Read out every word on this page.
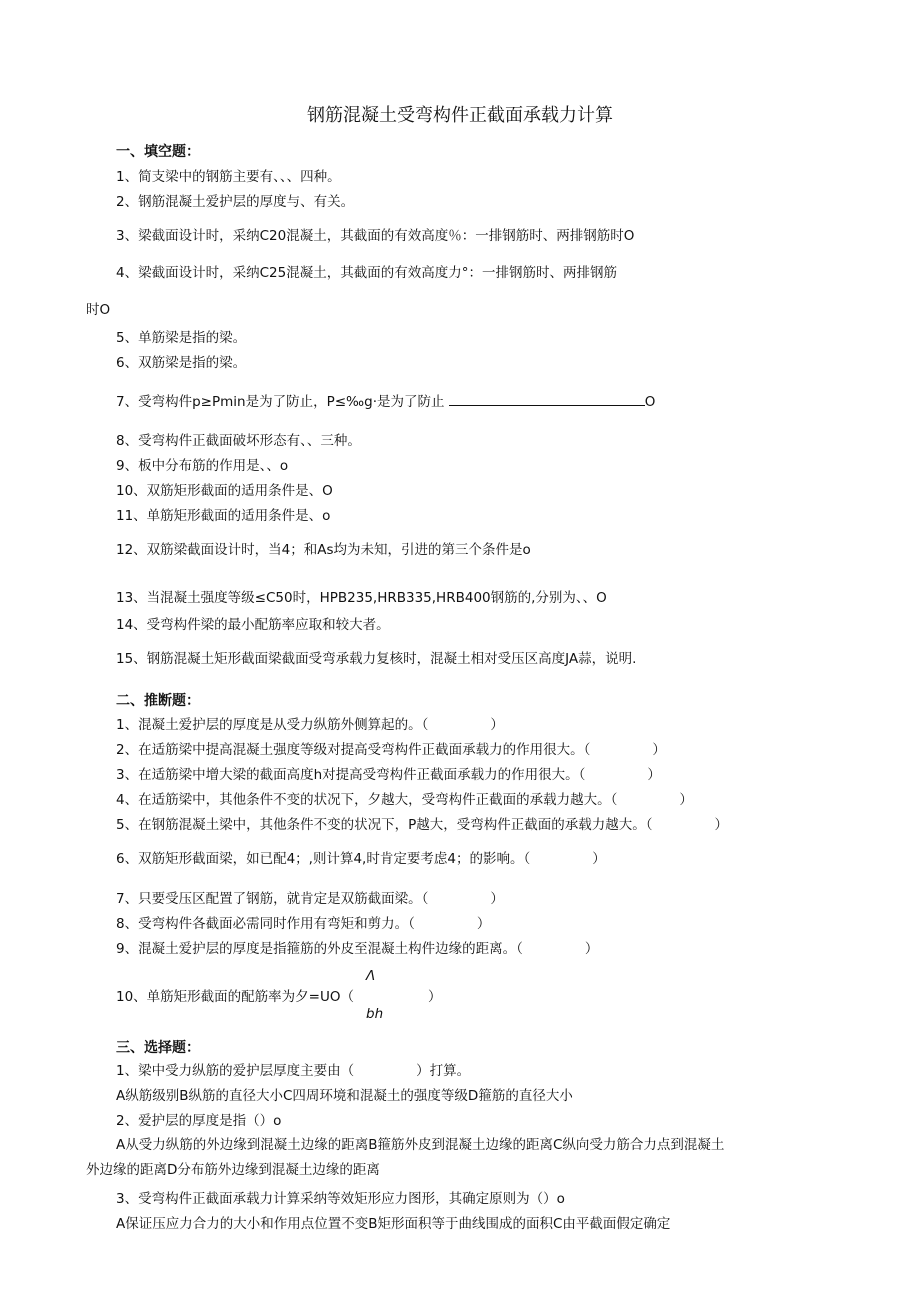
钢筋混凝土受弯构件正截面承载力计算
一、填空题：
1、简支梁中的钢筋主要有、、、四种。
2、钢筋混凝土爱护层的厚度与、有关。
3、梁截面设计时，采纳C20混凝土，其截面的有效高度％：一排钢筋时、两排钢筋时O
4、梁截面设计时，采纳C25混凝土，其截面的有效高度力°：一排钢筋时、两排钢筋
时O
5、单筋梁是指的梁。
6、双筋梁是指的梁。
7、受弯构件p≥Pmin是为了防止，P≤‰g·是为了防止	O
8、受弯构件正截面破坏形态有、、三种。
9、板中分布筋的作用是、、o
10、双筋矩形截面的适用条件是、O
11、单筋矩形截面的适用条件是、o
12、双筋梁截面设计时，当4；和As均为未知，引进的第三个条件是o
13、当混凝土强度等级≤C50时，HPB235,HRB335,HRB400钢筋的,分别为、、O
14、受弯构件梁的最小配筋率应取和较大者。
15、钢筋混凝土矩形截面梁截面受弯承载力复核时，混凝土相对受压区高度JA蒜，说明.
二、推断题：
1、混凝土爱护层的厚度是从受力纵筋外侧算起的。（	）
2、在适筋梁中提高混凝土强度等级对提高受弯构件正截面承载力的作用很大。（	）
3、在适筋梁中增大梁的截面高度h对提高受弯构件正截面承载力的作用很大。（	）
4、在适筋梁中，其他条件不变的状况下，夕越大，受弯构件正截面的承载力越大。（	）
5、在钢筋混凝土梁中，其他条件不变的状况下，P越大，受弯构件正截面的承载力越大。（	）
6、双筋矩形截面梁，如已配4；,则计算4,时肯定要考虑4；的影响。（	）
7、只要受压区配置了钢筋，就肯定是双筋截面梁。（	）
8、受弯构件各截面必需同时作用有弯矩和剪力。（	）
9、混凝土爱护层的厚度是指箍筋的外皮至混凝土构件边缘的距离。（	）
Λ
10、单筋矩形截面的配筋率为夕=UO（	）
bh
三、选择题：
1、梁中受力纵筋的爱护层厚度主要由（	）打算。
A纵筋级别B纵筋的直径大小C四周环境和混凝土的强度等级D箍筋的直径大小
2、爱护层的厚度是指（）o
A从受力纵筋的外边缘到混凝土边缘的距离B箍筋外皮到混凝土边缘的距离C纵向受力筋合力点到混凝土
外边缘的距离D分布筋外边缘到混凝土边缘的距离
3、受弯构件正截面承载力计算采纳等效矩形应力图形，其确定原则为（）o
A保证压应力合力的大小和作用点位置不变B矩形面积等于曲线围成的面积C由平截面假定确定
